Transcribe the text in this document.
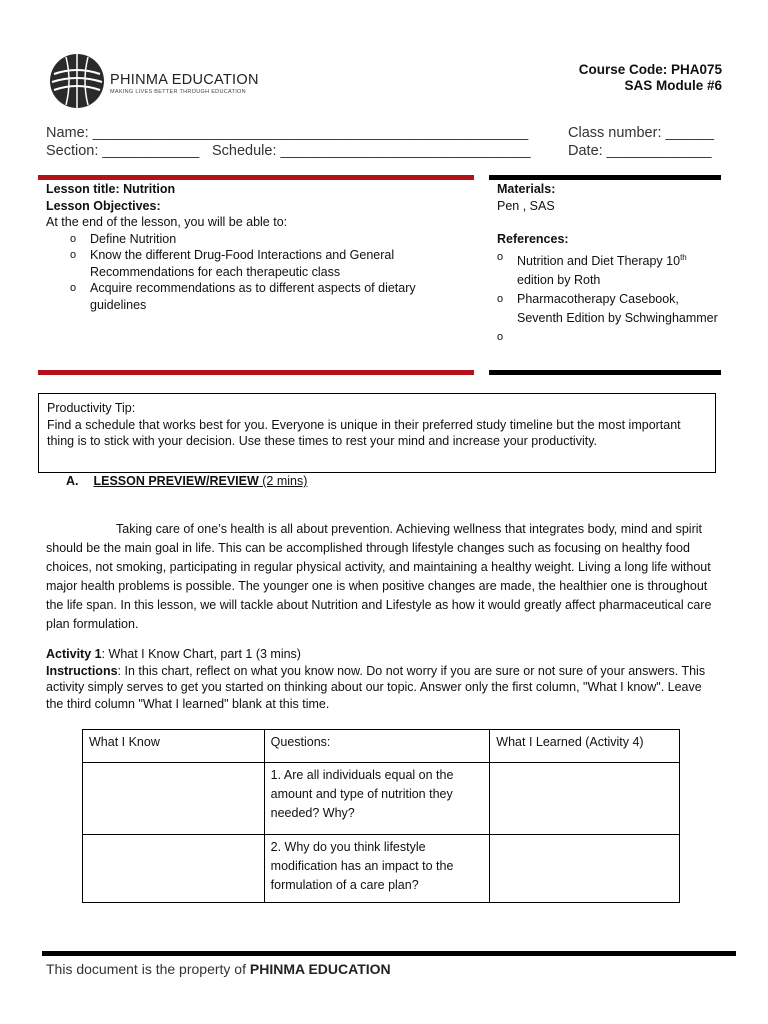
PHINMA EDUCATION
MAKING LIVES BETTER THROUGH EDUCATION
Course Code: PHA075
SAS Module #6
Name: ______________________________________________________	Class number: ______
Section: ____________ Schedule: _______________________________	Date: _____________
Lesson title: Nutrition
Lesson Objectives:
At the end of the lesson, you will be able to:
o Define Nutrition
o Know the different Drug-Food Interactions and General Recommendations for each therapeutic class
o Acquire recommendations as to different aspects of dietary guidelines
Materials:
Pen , SAS
References:
o Nutrition and Diet Therapy 10th edition by Roth
o Pharmacotherapy Casebook, Seventh Edition by Schwinghammer
o
Productivity Tip:
Find a schedule that works best for you. Everyone is unique in their preferred study timeline but the most important thing is to stick with your decision. Use these times to rest your mind and increase your productivity.
A. LESSON PREVIEW/REVIEW (2 mins)
Taking care of one’s health is all about prevention. Achieving wellness that integrates body, mind and spirit should be the main goal in life. This can be accomplished through lifestyle changes such as focusing on healthy food choices, not smoking, participating in regular physical activity, and maintaining a healthy weight. Living a long life without major health problems is possible. The younger one is when positive changes are made, the healthier one is throughout the life span. In this lesson, we will tackle about Nutrition and Lifestyle as how it would greatly affect pharmaceutical care plan formulation.
Activity 1: What I Know Chart, part 1 (3 mins)
Instructions: In this chart, reflect on what you know now. Do not worry if you are sure or not sure of your answers. This activity simply serves to get you started on thinking about our topic. Answer only the first column, "What I know". Leave the third column "What I learned" blank at this time.
What I Know	Questions:	What I Learned (Activity 4)
	1. Are all individuals equal on the amount and type of nutrition they needed? Why?	
	2. Why do you think lifestyle modification has an impact to the formulation of a care plan?	
This document is the property of PHINMA EDUCATION
